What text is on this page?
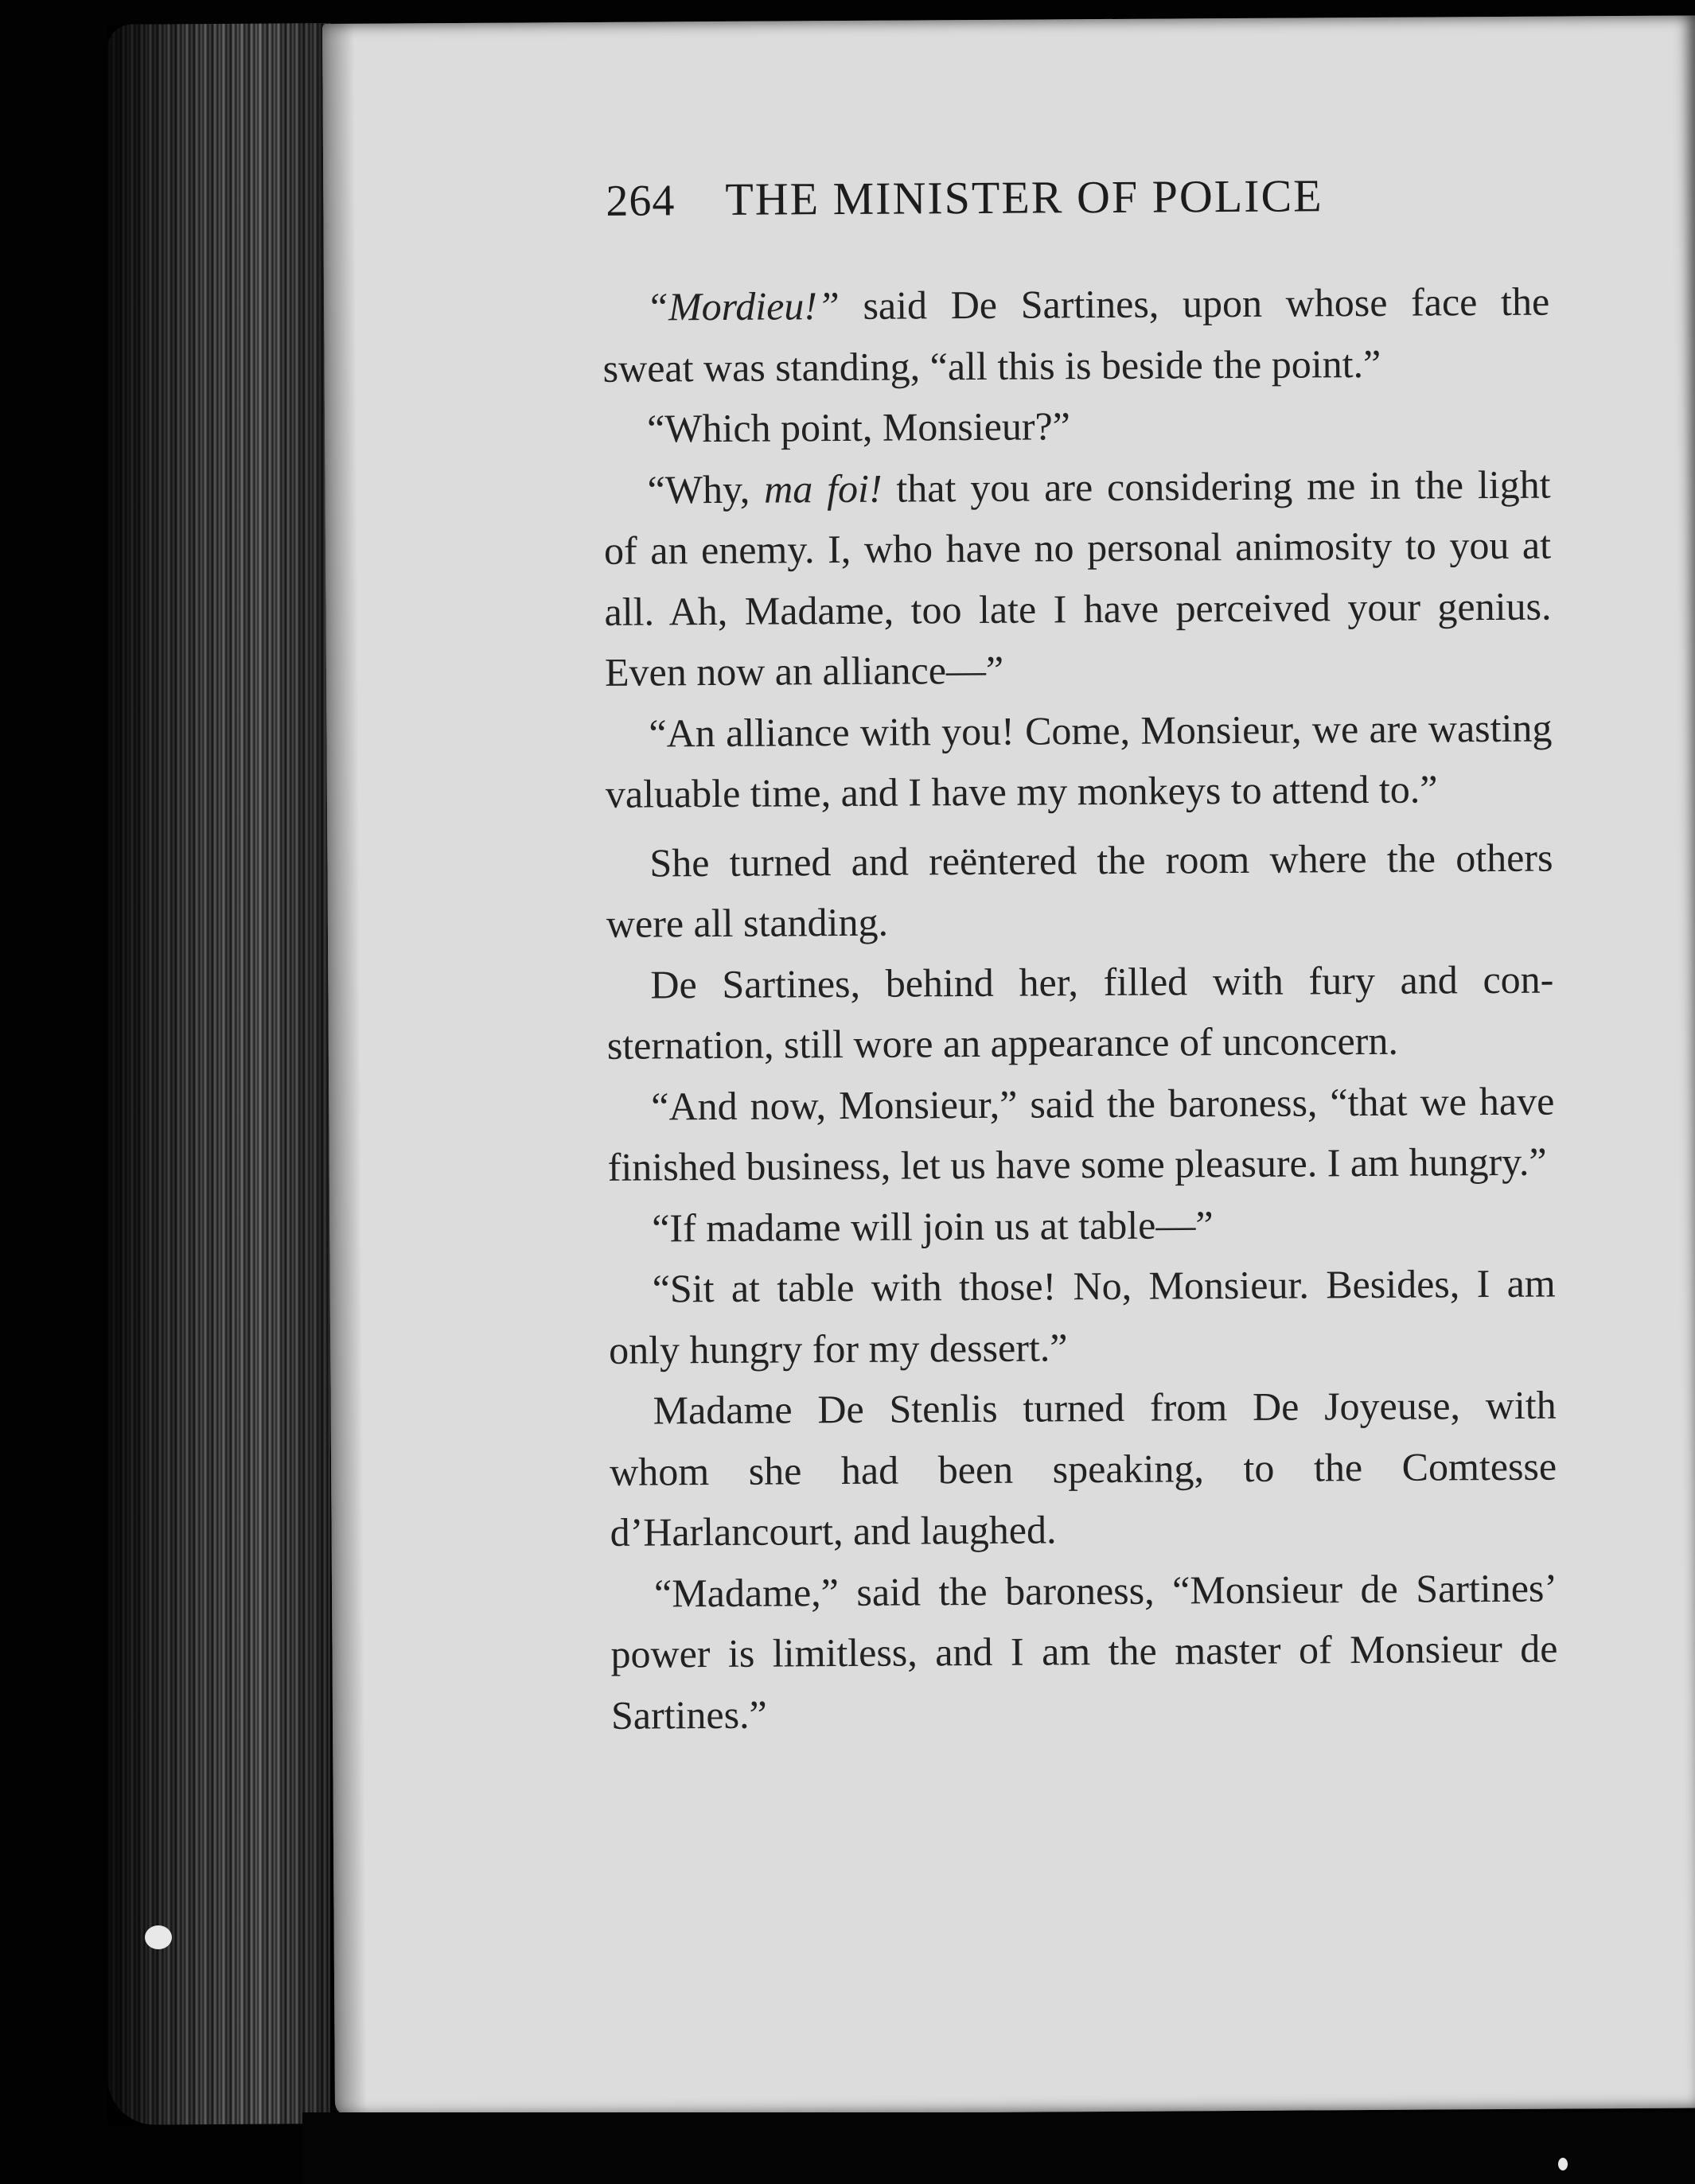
264 THE MINISTER OF POLICE

“Mordieu!” said De Sartines, upon whose face the sweat was standing, “all this is beside the point.”

“Which point, Monsieur?”

“Why, ma foi! that you are considering me in the light of an enemy. I, who have no personal animosity to you at all. Ah, Madame, too late I have perceived your genius. Even now an alliance—”

“An alliance with you! Come, Monsieur, we are wasting valuable time, and I have my monkeys to attend to.”

She turned and reëntered the room where the others were all standing.

De Sartines, behind her, filled with fury and consternation, still wore an appearance of unconcern.

“And now, Monsieur,” said the baroness, “that we have finished business, let us have some pleasure. I am hungry.”

“If madame will join us at table—”

“Sit at table with those! No, Monsieur. Besides, I am only hungry for my dessert.”

Madame De Stenlis turned from De Joyeuse, with whom she had been speaking, to the Comtesse d’Harlancourt, and laughed.

“Madame,” said the baroness, “Monsieur de Sartines’ power is limitless, and I am the master of Monsieur de Sartines.”
